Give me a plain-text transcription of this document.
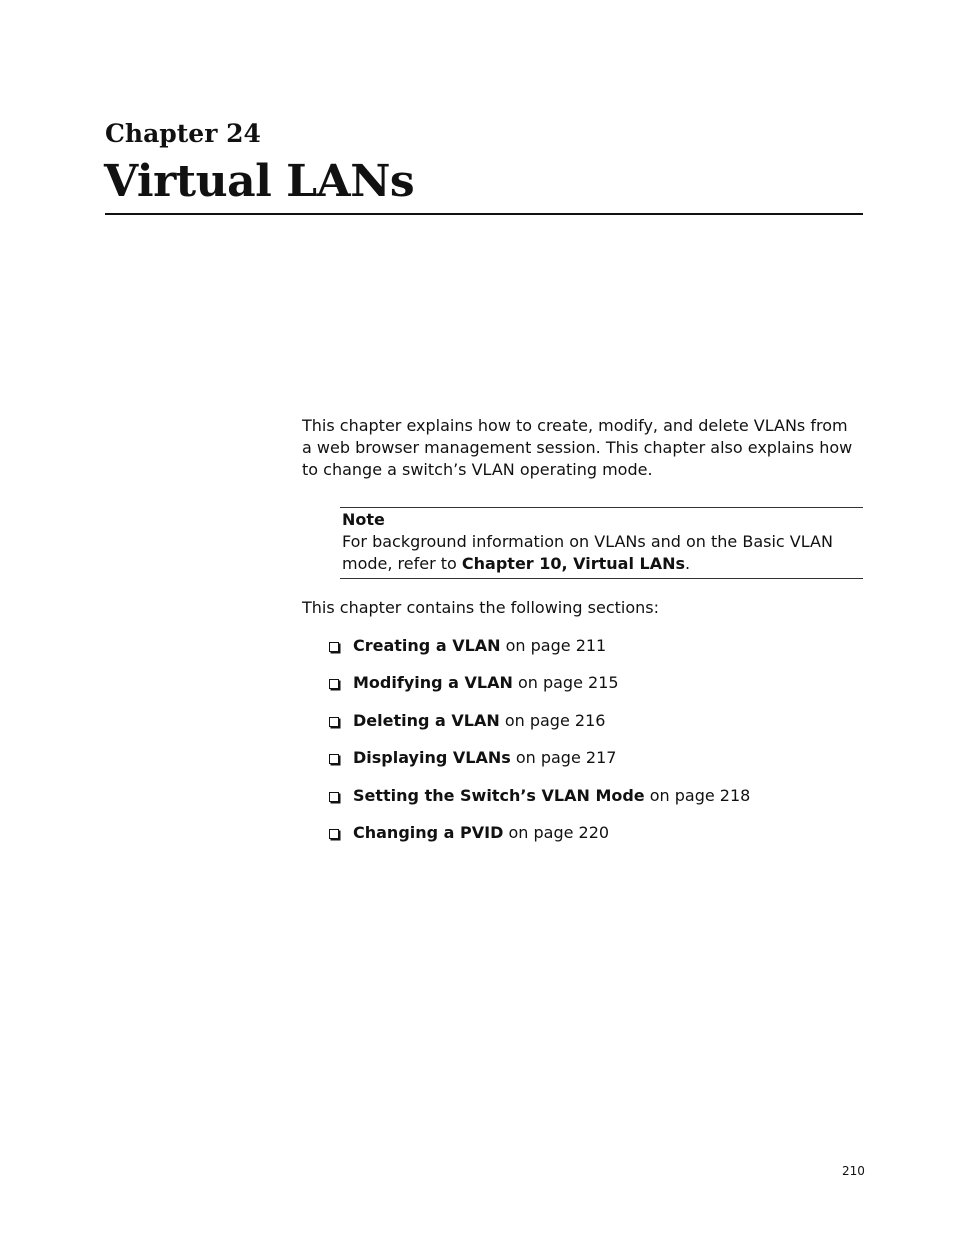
Chapter 24
Virtual LANs

This chapter explains how to create, modify, and delete VLANs from a web browser management session. This chapter also explains how to change a switch’s VLAN operating mode.

Note

For background information on VLANs and on the Basic VLAN mode, refer to Chapter 10, Virtual LANs.

This chapter contains the following sections:

Creating a VLAN on page 211
Modifying a VLAN on page 215
Deleting a VLAN on page 216
Displaying VLANs on page 217
Setting the Switch’s VLAN Mode on page 218
Changing a PVID on page 220

210
